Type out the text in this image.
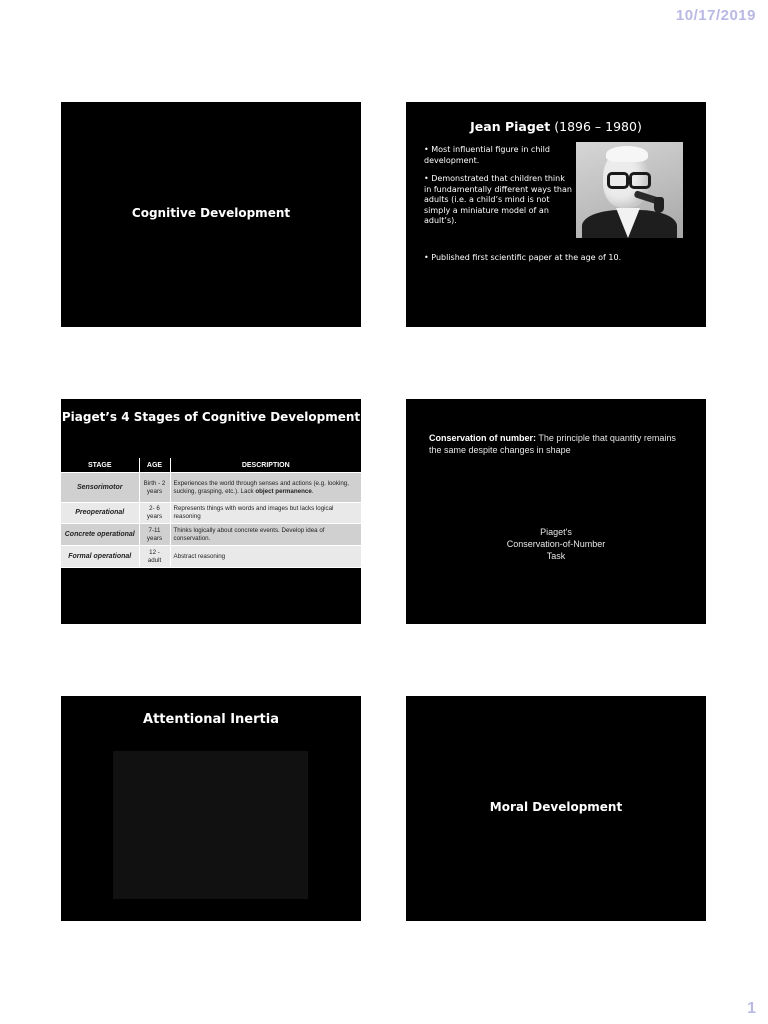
10/17/2019
Cognitive Development
Jean Piaget (1896 – 1980)

• Most influential figure in child development.

• Demonstrated that children think in fundamentally different ways than adults (i.e. a child’s mind is not simply a miniature model of an adult’s).

• Published first scientific paper at the age of 10.
Piaget’s 4 Stages of Cognitive Development
STAGE	AGE	DESCRIPTION
Sensorimotor	Birth - 2 years	Experiences the world through senses and actions (e.g. looking, sucking, grasping, etc.). Lack object permanence.
Preoperational	2- 6 years	Represents things with words and images but lacks logical reasoning
Concrete operational	7-11 years	Thinks logically about concrete events. Develop idea of conservation.
Formal operational	12 - adult	Abstract reasoning
Conservation of number: The principle that quantity remains the same despite changes in shape
Piaget's
Conservation-of-Number
Task
Attentional Inertia
Moral Development
1
